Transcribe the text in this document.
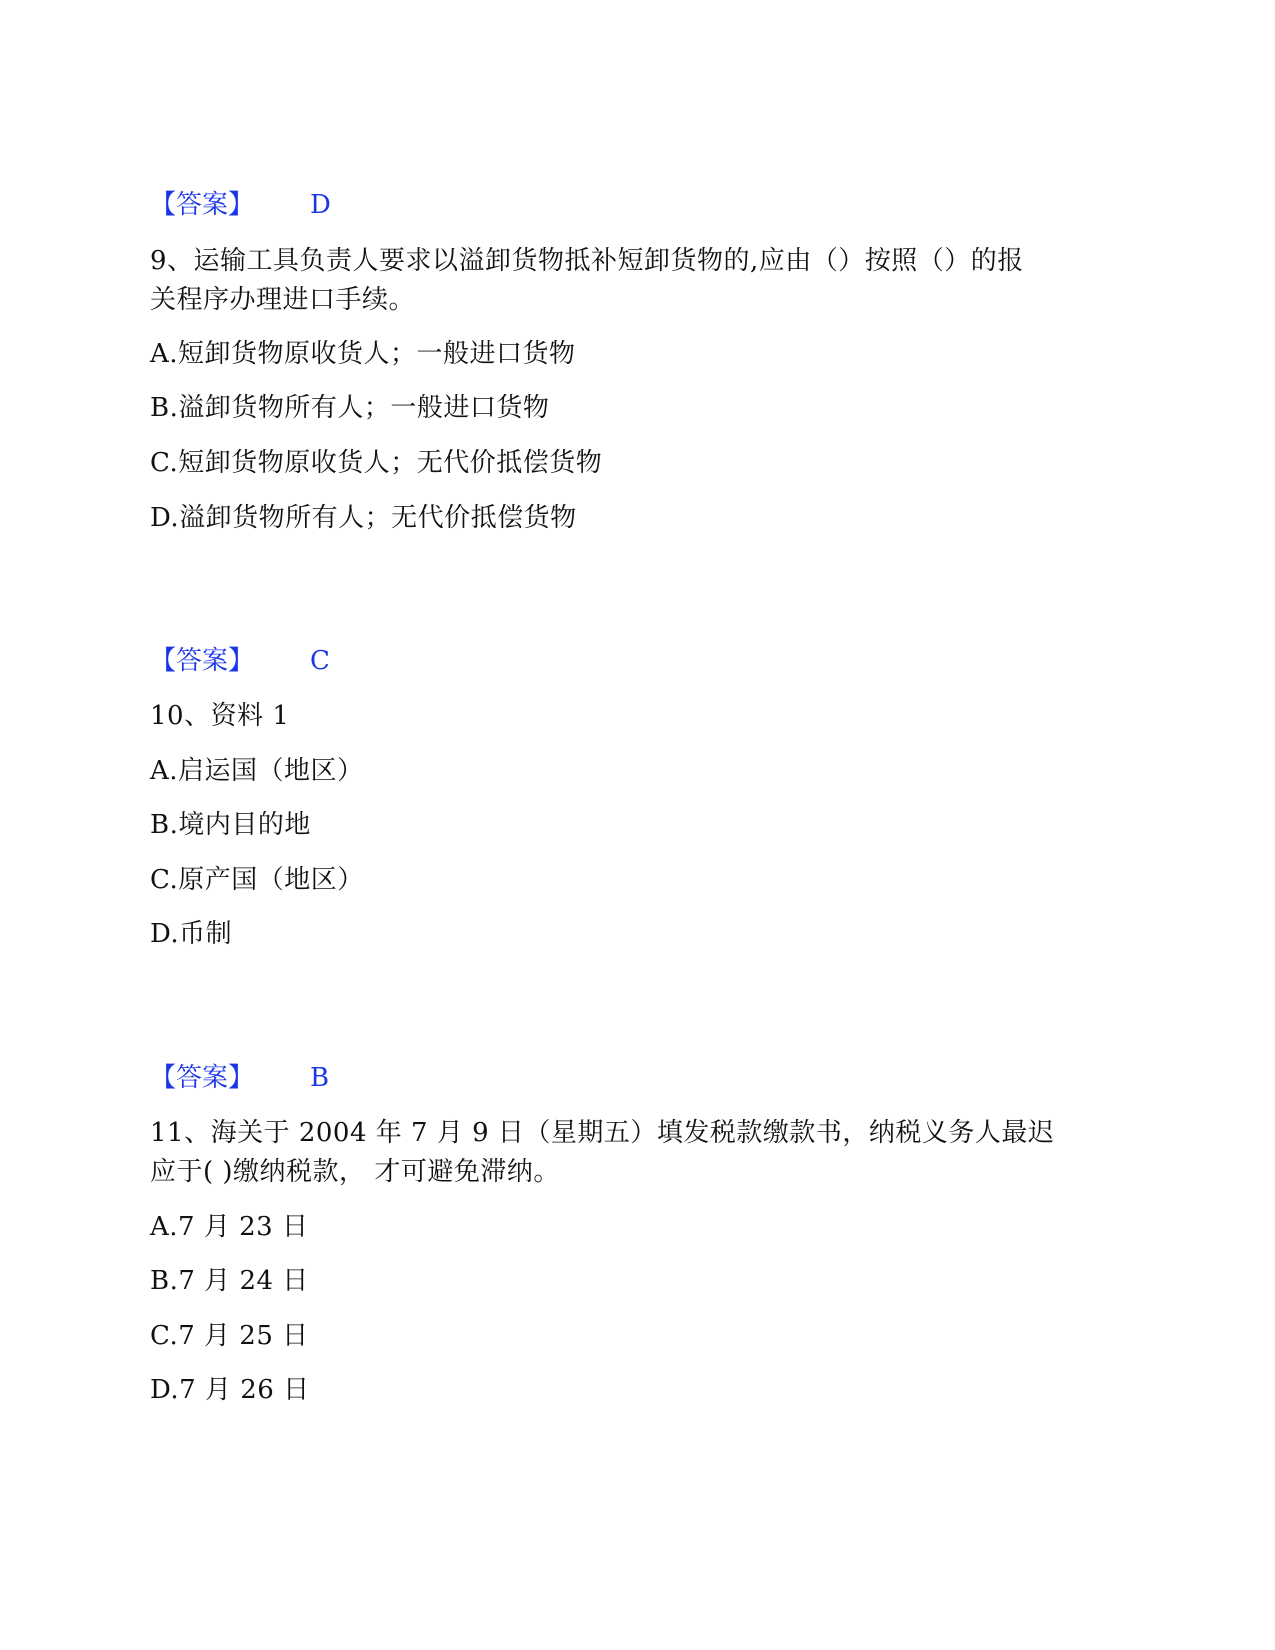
【答案】 D
9、运输工具负责人要求以溢卸货物抵补短卸货物的,应由（）按照（）的报
关程序办理进口手续。
A.短卸货物原收货人；一般进口货物
B.溢卸货物所有人；一般进口货物
C.短卸货物原收货人；无代价抵偿货物
D.溢卸货物所有人；无代价抵偿货物
【答案】 C
10、资料 1
A.启运国（地区）
B.境内目的地
C.原产国（地区）
D.币制
【答案】 B
11、海关于 2004 年 7 月 9 日（星期五）填发税款缴款书，纳税义务人最迟
应于( )缴纳税款， 才可避免滞纳。
A.7 月 23 日
B.7 月 24 日
C.7 月 25 日
D.7 月 26 日
